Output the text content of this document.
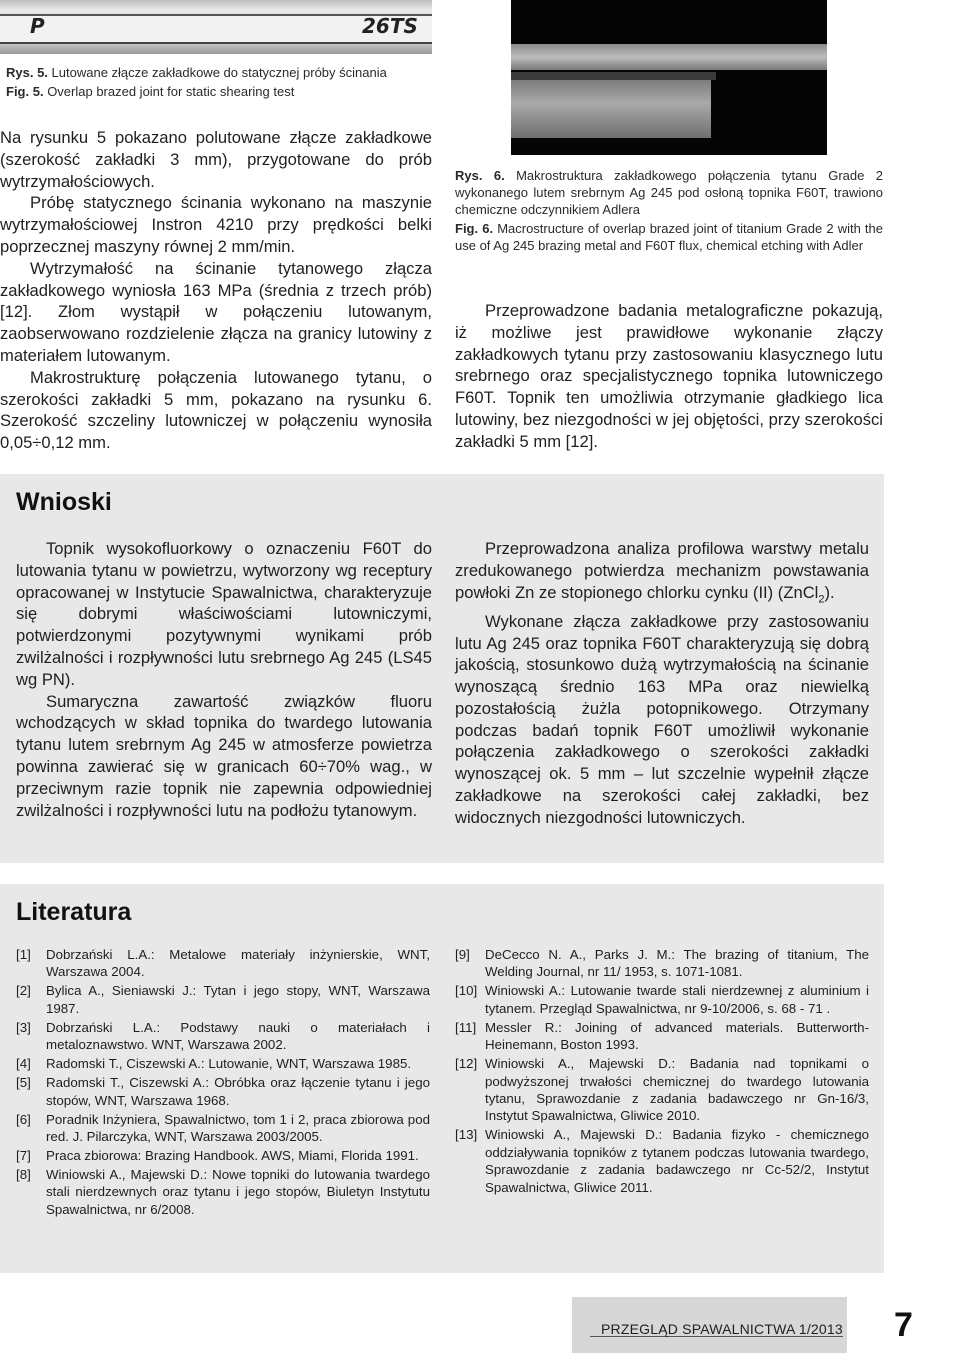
P	26TS
Rys. 5. Lutowane złącze zakładkowe do statycznej próby ścinania
Fig. 5. Overlap brazed joint for static shearing test

Na rysunku 5 pokazano polutowane złącze zakładkowe (szerokość zakładki 3 mm), przygotowane do prób wytrzymałościowych.

Próbę statycznego ścinania wykonano na maszynie wytrzymałościowej Instron 4210 przy prędkości belki poprzecznej maszyny równej 2 mm/min.

Wytrzymałość na ścinanie tytanowego złącza zakładkowego wyniosła 163 MPa (średnia z trzech prób) [12]. Złom wystąpił w połączeniu lutowanym, zaobserwowano rozdzielenie złącza na granicy lutowiny z materiałem lutowanym.

Makrostrukturę połączenia lutowanego tytanu, o szerokości zakładki 5 mm, pokazano na rysunku 6. Szerokość szczeliny lutowniczej w połączeniu wynosiła 0,05÷0,12 mm.

Rys. 6. Makrostruktura zakładkowego połączenia tytanu Grade 2 wykonanego lutem srebrnym Ag 245 pod osłoną topnika F60T, trawiono chemiczne odczynnikiem Adlera
Fig. 6. Macrostructure of overlap brazed joint of titanium Grade 2 with the use of Ag 245 brazing metal and F60T flux, chemical etching with Adler

Przeprowadzone badania metalograficzne pokazują, iż możliwe jest prawidłowe wykonanie złączy zakładkowych tytanu przy zastosowaniu klasycznego lutu srebrnego oraz specjalistycznego topnika lutowniczego F60T. Topnik ten umożliwia otrzymanie gładkiego lica lutowiny, bez niezgodności w jej objętości, przy szerokości zakładki 5 mm [12].

Wnioski

Topnik wysokofluorkowy o oznaczeniu F60T do lutowania tytanu w powietrzu, wytworzony wg receptury opracowanej w Instytucie Spawalnictwa, charakteryzuje się dobrymi właściwościami lutowniczymi, potwierdzonymi pozytywnymi wynikami prób zwilżalności i rozpływności lutu srebrnego Ag 245 (LS45 wg PN).

Sumaryczna zawartość związków fluoru wchodzących w skład topnika do twardego lutowania tytanu lutem srebrnym Ag 245 w atmosferze powietrza powinna zawierać się w granicach 60÷70% wag., w przeciwnym razie topnik nie zapewnia odpowiedniej zwilżalności i rozpływności lutu na podłożu tytanowym.

Przeprowadzona analiza profilowa warstwy metalu zredukowanego potwierdza mechanizm powstawania powłoki Zn ze stopionego chlorku cynku (II) (ZnCl$_2$).

Wykonane złącza zakładkowe przy zastosowaniu lutu Ag 245 oraz topnika F60T charakteryzują się dobrą jakością, stosunkowo dużą wytrzymałością na ścinanie wynoszącą średnio 163 MPa oraz niewielką pozostałością żużla potopnikowego. Otrzymany podczas badań topnik F60T umożliwił wykonanie połączenia zakładkowego o szerokości zakładki wynoszącej ok. 5 mm – lut szczelnie wypełnił złącze zakładkowe na szerokości całej zakładki, bez widocznych niezgodności lutowniczych.

Literatura
[1]	Dobrzański L.A.: Metalowe materiały inżynierskie, WNT, Warszawa 2004.
[2]	Bylica A., Sieniawski J.: Tytan i jego stopy, WNT, Warszawa 1987.
[3]	Dobrzański L.A.: Podstawy nauki o materiałach i metaloznawstwo. WNT, Warszawa 2002.
[4]	Radomski T., Ciszewski A.: Lutowanie, WNT, Warszawa 1985.
[5]	Radomski T., Ciszewski A.: Obróbka oraz łączenie tytanu i jego stopów, WNT, Warszawa 1968.
[6]	Poradnik Inżyniera, Spawalnictwo, tom 1 i 2, praca zbiorowa pod red. J. Pilarczyka, WNT, Warszawa 2003/2005.
[7]	Praca zbiorowa: Brazing Handbook. AWS, Miami, Florida 1991.
[8]	Winiowski A., Majewski D.: Nowe topniki do lutowania twardego stali nierdzewnych oraz tytanu i jego stopów, Biuletyn Instytutu Spawalnictwa, nr 6/2008.
[9]	DeCecco N. A., Parks J. M.: The brazing of titanium, The Welding Journal, nr 11/ 1953, s. 1071-1081.
[10] Winiowski A.: Lutowanie twarde stali nierdzewnej z aluminium i tytanem. Przegląd Spawalnictwa, nr 9-10/2006, s. 68 - 71 .
[11] Messler R.: Joining of advanced materials. Butterworth-Heinemann, Boston 1993.
[12] Winiowski A., Majewski D.: Badania nad topnikami o podwyższonej trwałości chemicznej do twardego lutowania tytanu, Sprawozdanie z zadania badawczego nr Gn-16/3, Instytut Spawalnictwa, Gliwice 2010.
[13] Winiowski A., Majewski D.: Badania fizyko - chemicznego oddziaływania topników z tytanem podczas lutowania twardego, Sprawozdanie z zadania badawczego nr Cc-52/2, Instytut Spawalnictwa, Gliwice 2011.
PRZEGLĄD SPAWALNICTWA 1/2013 7
